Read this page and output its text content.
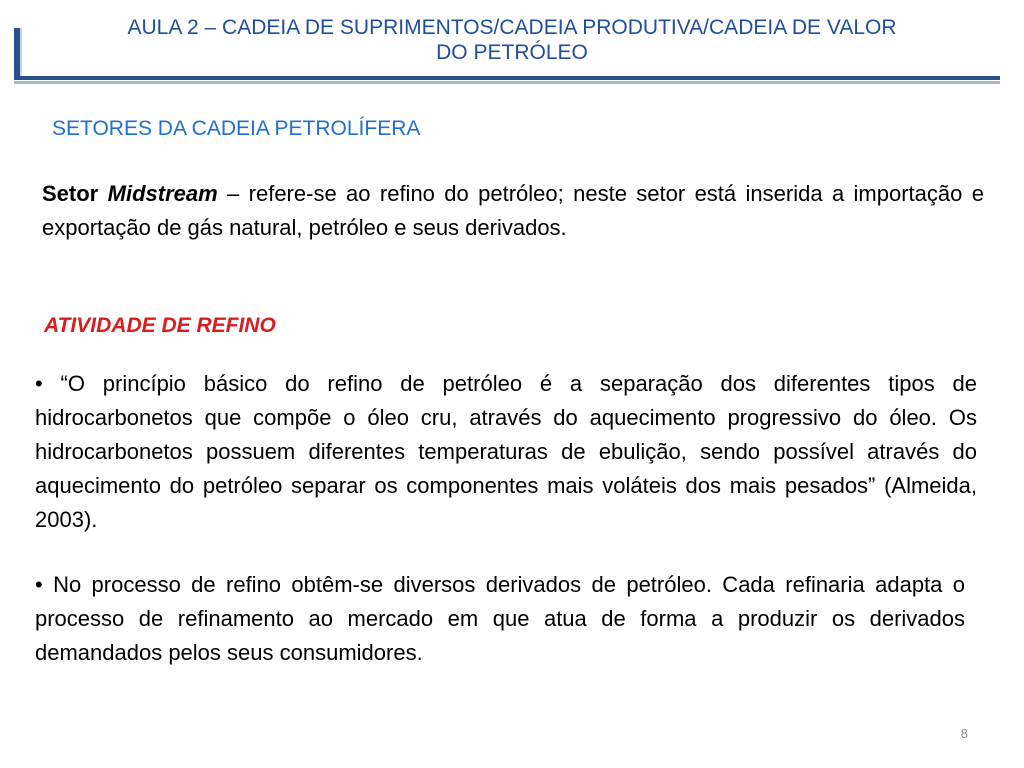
AULA 2 – CADEIA DE SUPRIMENTOS/CADEIA PRODUTIVA/CADEIA DE VALOR
DO PETRÓLEO
SETORES DA CADEIA PETROLÍFERA

Setor Midstream – refere-se ao refino do petróleo; neste setor está inserida a importação e exportação de gás natural, petróleo e seus derivados.

ATIVIDADE DE REFINO

• “O princípio básico do refino de petróleo é a separação dos diferentes tipos de hidrocarbonetos que compõe o óleo cru, através do aquecimento progressivo do óleo. Os hidrocarbonetos possuem diferentes temperaturas de ebulição, sendo possível através do aquecimento do petróleo separar os componentes mais voláteis dos mais pesados” (Almeida, 2003).

• No processo de refino obtêm-se diversos derivados de petróleo. Cada refinaria adapta o processo de refinamento ao mercado em que atua de forma a produzir os derivados demandados pelos seus consumidores.

8
